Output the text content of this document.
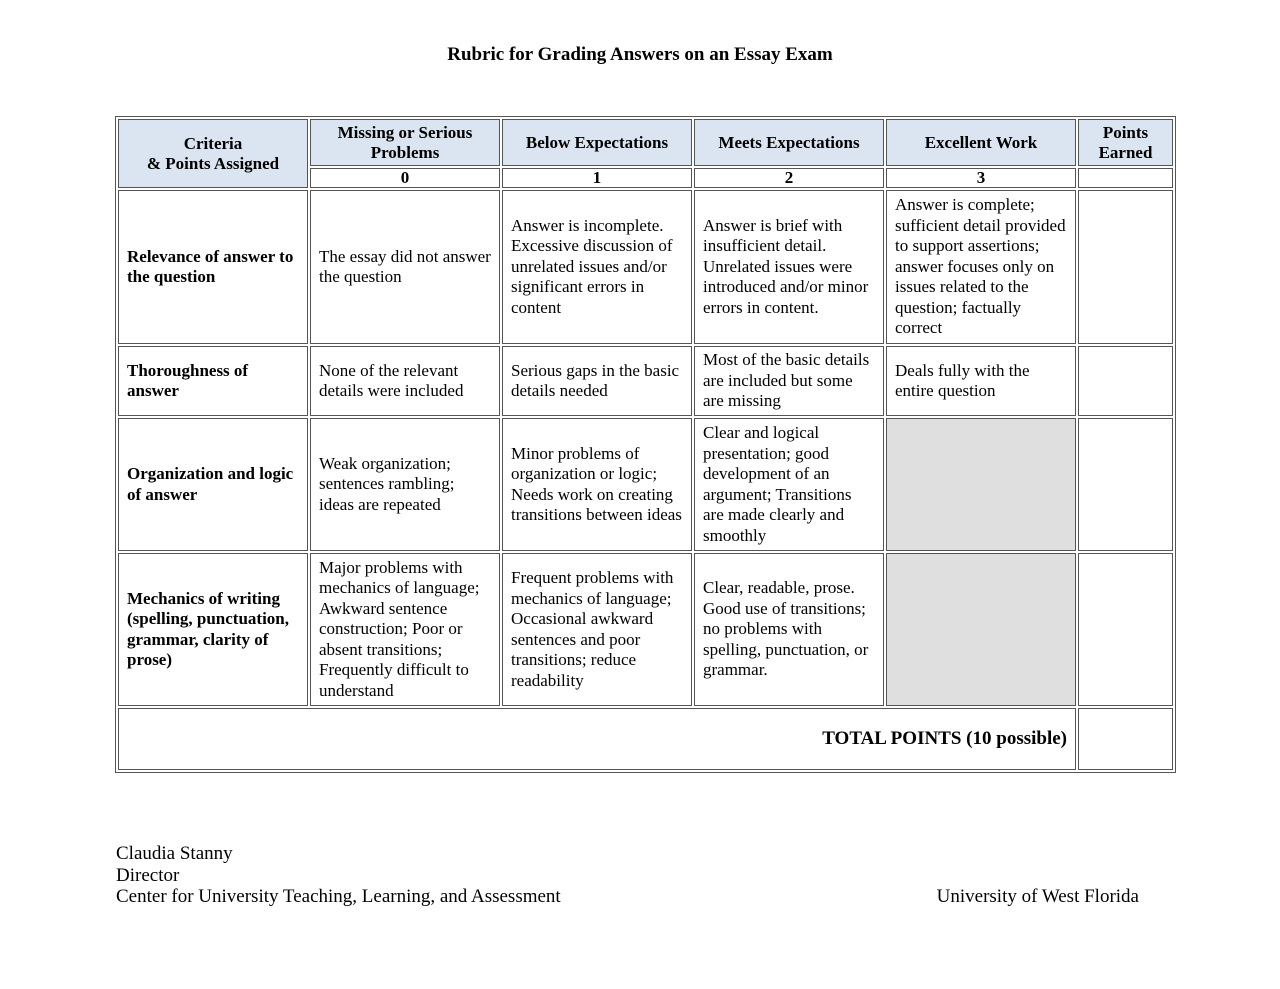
Rubric for Grading Answers on an Essay Exam
Criteria
& Points Assigned	Missing or Serious Problems	Below Expectations	Meets Expectations	Excellent Work	Points Earned
	0	1	2	3	
Relevance of answer to the question	The essay did not answer the question	Answer is incomplete. Excessive discussion of unrelated issues and/or significant errors in content	Answer is brief with insufficient detail. Unrelated issues were introduced and/or minor errors in content.	Answer is complete; sufficient detail provided to support assertions; answer focuses only on issues related to the question; factually correct	
Thoroughness of answer	None of the relevant details were included	Serious gaps in the basic details needed	Most of the basic details are included but some are missing	Deals fully with the entire question	
Organization and logic of answer	Weak organization; sentences rambling; ideas are repeated	Minor problems of organization or logic; Needs work on creating transitions between ideas	Clear and logical presentation; good development of an argument; Transitions are made clearly and smoothly		
Mechanics of writing (spelling, punctuation, grammar, clarity of prose)	Major problems with mechanics of language; Awkward sentence construction; Poor or absent transitions; Frequently difficult to understand	Frequent problems with mechanics of language; Occasional awkward sentences and poor transitions; reduce readability	Clear, readable, prose. Good use of transitions; no problems with spelling, punctuation, or grammar.		
TOTAL POINTS (10 possible)					
Claudia Stanny
Director
Center for University Teaching, Learning, and Assessment	University of West Florida
